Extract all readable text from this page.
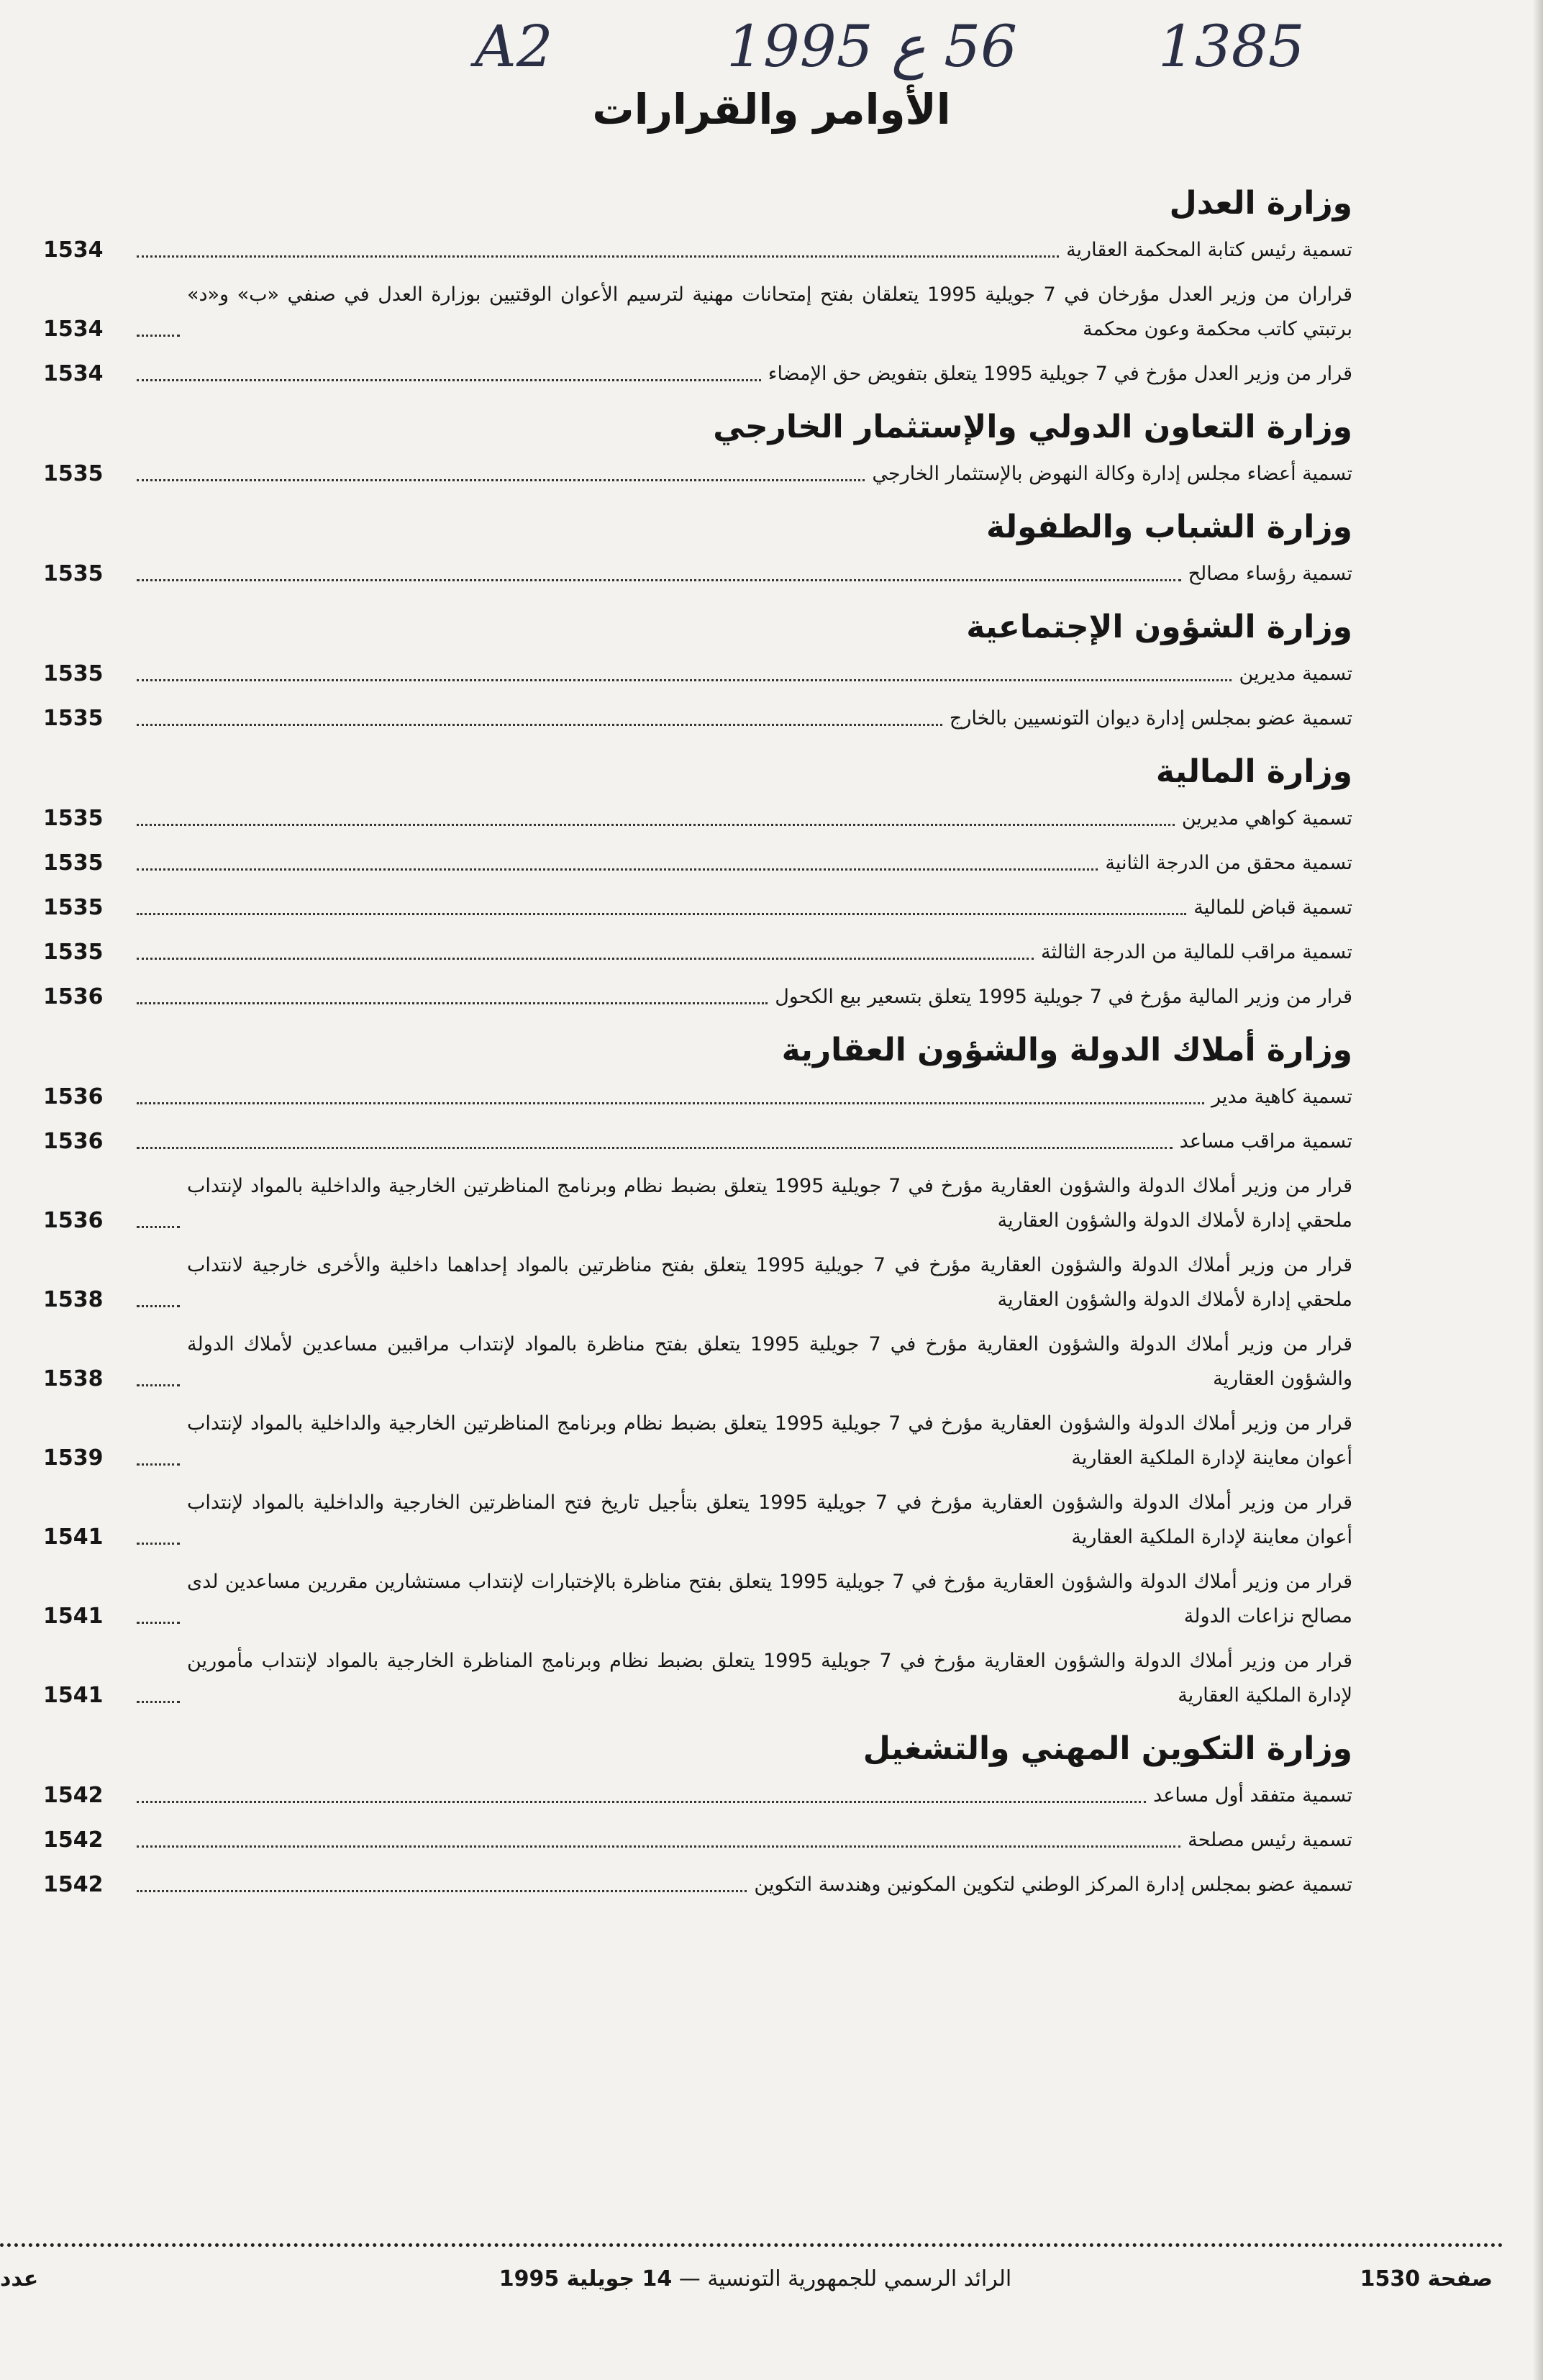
A2	56 ع 1995 1385
الأوامر والقرارات
وزارة العدل
تسمية رئيس كتابة المحكمة العقارية
1534
قراران من وزير العدل مؤرخان في 7 جويلية 1995 يتعلقان بفتح إمتحانات مهنية لترسيم الأعوان الوقتيين بوزارة العدل في صنفي «ب» و«د» برتبتي كاتب محكمة وعون محكمة
1534
قرار من وزير العدل مؤرخ في 7 جويلية 1995 يتعلق بتفويض حق الإمضاء
1534
وزارة التعاون الدولي والإستثمار الخارجي
تسمية أعضاء مجلس إدارة وكالة النهوض بالإستثمار الخارجي
1535
وزارة الشباب والطفولة
تسمية رؤساء مصالح
1535
وزارة الشؤون الإجتماعية
تسمية مديرين
1535
تسمية عضو بمجلس إدارة ديوان التونسيين بالخارج
1535
وزارة المالية
تسمية كواهي مديرين
1535
تسمية محقق من الدرجة الثانية
1535
تسمية قباض للمالية
1535
تسمية مراقب للمالية من الدرجة الثالثة
1535
قرار من وزير المالية مؤرخ في 7 جويلية 1995 يتعلق بتسعير بيع الكحول
1536
وزارة أملاك الدولة والشؤون العقارية
تسمية كاهية مدير
1536
تسمية مراقب مساعد
1536
قرار من وزير أملاك الدولة والشؤون العقارية مؤرخ في 7 جويلية 1995 يتعلق بضبط نظام وبرنامج المناظرتين الخارجية والداخلية بالمواد لإنتداب ملحقي إدارة لأملاك الدولة والشؤون العقارية
1536
قرار من وزير أملاك الدولة والشؤون العقارية مؤرخ في 7 جويلية 1995 يتعلق بفتح مناظرتين بالمواد إحداهما داخلية والأخرى خارجية لانتداب ملحقي إدارة لأملاك الدولة والشؤون العقارية
1538
قرار من وزير أملاك الدولة والشؤون العقارية مؤرخ في 7 جويلية 1995 يتعلق بفتح مناظرة بالمواد لإنتداب مراقبين مساعدين لأملاك الدولة والشؤون العقارية
1538
قرار من وزير أملاك الدولة والشؤون العقارية مؤرخ في 7 جويلية 1995 يتعلق بضبط نظام وبرنامج المناظرتين الخارجية والداخلية بالمواد لإنتداب أعوان معاينة لإدارة الملكية العقارية
1539
قرار من وزير أملاك الدولة والشؤون العقارية مؤرخ في 7 جويلية 1995 يتعلق بتأجيل تاريخ فتح المناظرتين الخارجية والداخلية بالمواد لإنتداب أعوان معاينة لإدارة الملكية العقارية
1541
قرار من وزير أملاك الدولة والشؤون العقارية مؤرخ في 7 جويلية 1995 يتعلق بفتح مناظرة بالإختبارات لإنتداب مستشارين مقررين مساعدين لدى مصالح نزاعات الدولة
1541
قرار من وزير أملاك الدولة والشؤون العقارية مؤرخ في 7 جويلية 1995 يتعلق بضبط نظام وبرنامج المناظرة الخارجية بالمواد لإنتداب مأمورين لإدارة الملكية العقارية
1541
وزارة التكوين المهني والتشغيل
تسمية متفقد أول مساعد
1542
تسمية رئيس مصلحة
1542
تسمية عضو بمجلس إدارة المركز الوطني لتكوين المكونين وهندسة التكوين
1542
صفحة 1530
الرائد الرسمي للجمهورية التونسية — 14 جويلية 1995
عدد
